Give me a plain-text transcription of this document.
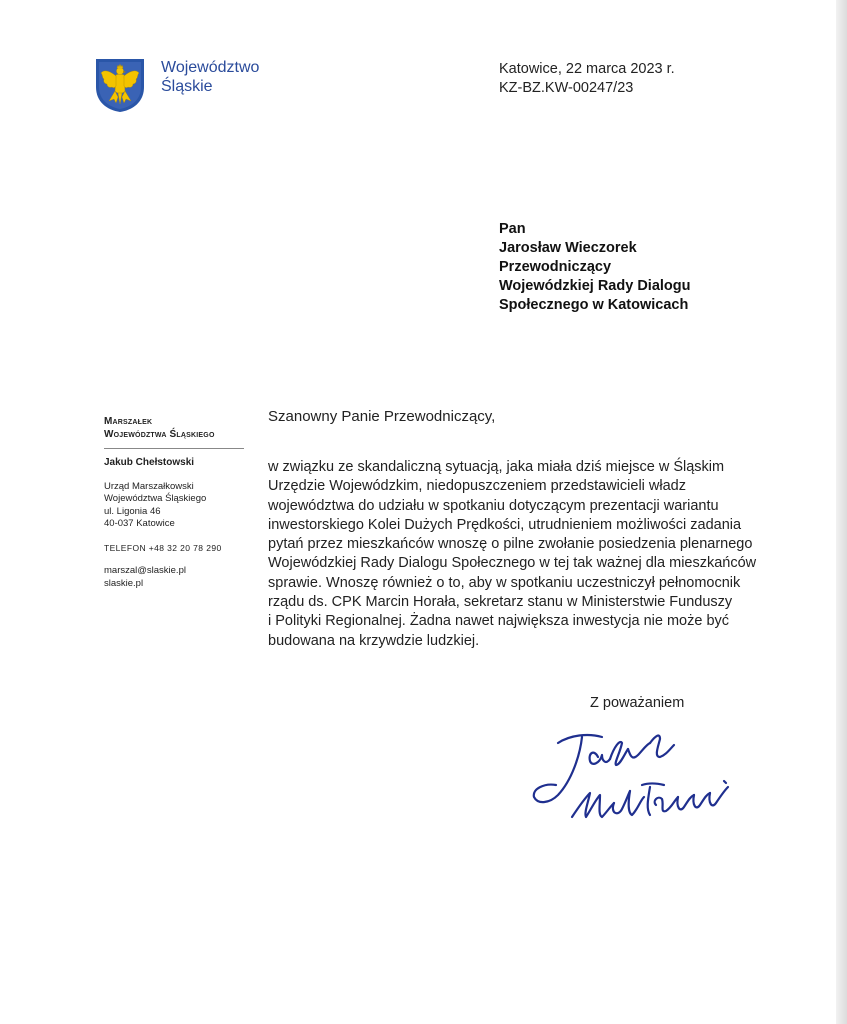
Województwo
Śląskie
Katowice, 22 marca 2023 r.
KZ-BZ.KW-00247/23
Pan
Jarosław Wieczorek
Przewodniczący
Wojewódzkiej Rady Dialogu
Społecznego w Katowicach
Marszałek
Województwa Śląskiego
Jakub Chełstowski
Urząd Marszałkowski
Województwa Śląskiego
ul. Ligonia 46
40-037 Katowice
TELEFON +48 32 20 78 290
marszal@slaskie.pl
slaskie.pl
Szanowny Panie Przewodniczący,
w związku ze skandaliczną sytuacją, jaka miała dziś miejsce w Śląskim
Urzędzie Wojewódzkim, niedopuszczeniem przedstawicieli władz
województwa do udziału w spotkaniu dotyczącym prezentacji wariantu
inwestorskiego Kolei Dużych Prędkości, utrudnieniem możliwości zadania
pytań przez mieszkańców wnoszę o pilne zwołanie posiedzenia plenarnego
Wojewódzkiej Rady Dialogu Społecznego w tej tak ważnej dla mieszkańców
sprawie. Wnoszę również o to, aby w spotkaniu uczestniczył pełnomocnik
rządu ds. CPK Marcin Horała, sekretarz stanu w Ministerstwie Funduszy
i Polityki Regionalnej. Żadna nawet największa inwestycja nie może być
budowana na krzywdzie ludzkiej.
Z poważaniem
